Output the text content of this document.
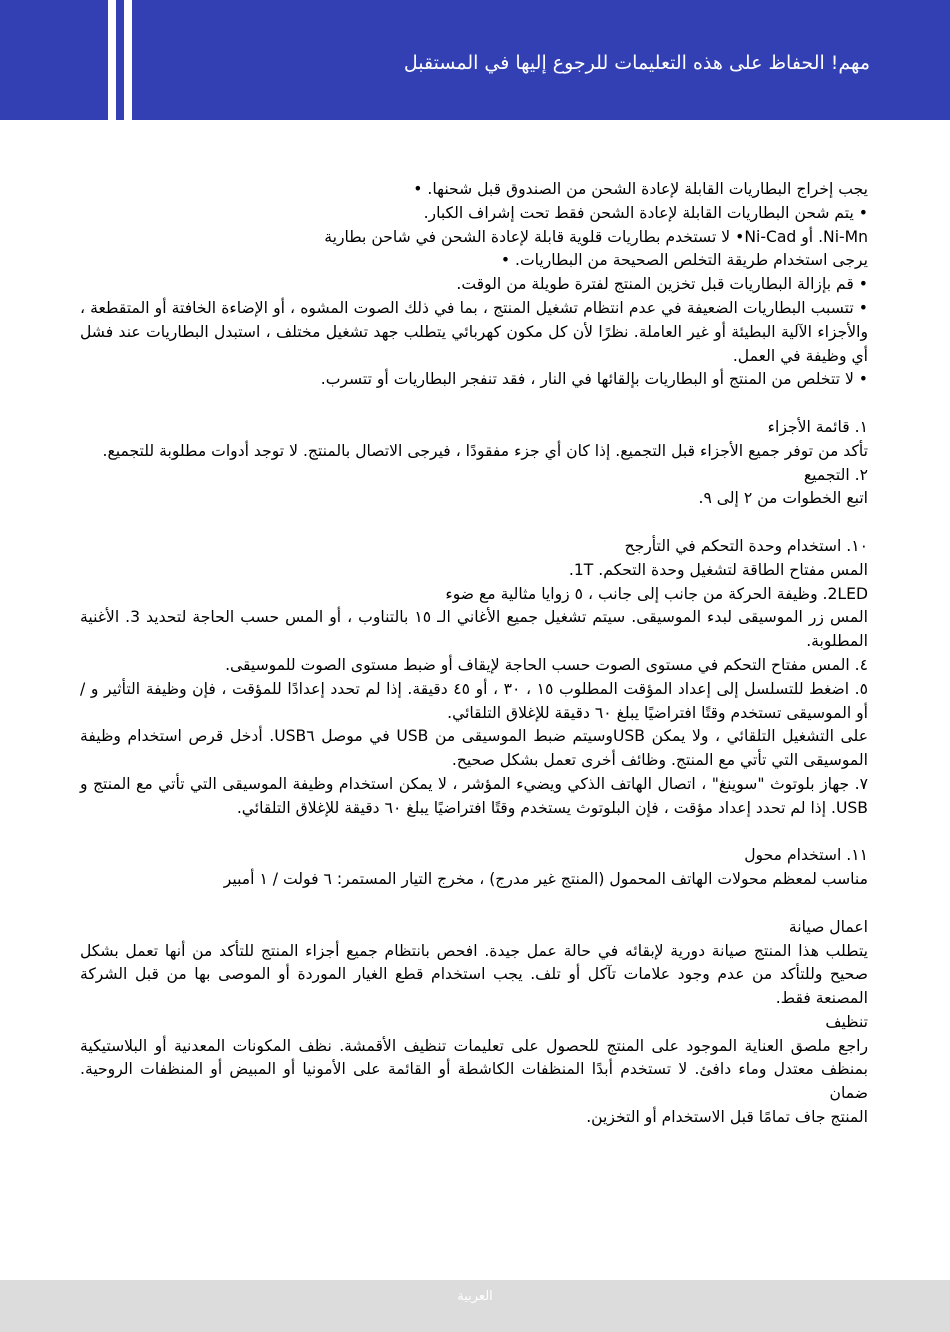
مهم! الحفاظ على هذه التعليمات للرجوع إليها في المستقبل

يجب إخراج البطاريات القابلة لإعادة الشحن من الصندوق قبل شحنها. •

• يتم شحن البطاريات القابلة لإعادة الشحن فقط تحت إشراف الكبار.

Ni-Mn. أو Ni-Cad• لا تستخدم بطاريات قلوية قابلة لإعادة الشحن في شاحن بطارية

يرجى استخدام طريقة التخلص الصحيحة من البطاريات. •

• قم بإزالة البطاريات قبل تخزين المنتج لفترة طويلة من الوقت.

• تتسبب البطاريات الضعيفة في عدم انتظام تشغيل المنتج ، بما في ذلك الصوت المشوه ، أو الإضاءة الخافتة أو المتقطعة ، والأجزاء الآلية البطيئة أو غير العاملة. نظرًا لأن كل مكون كهربائي يتطلب جهد تشغيل مختلف ، استبدل البطاريات عند فشل أي وظيفة في العمل.

• لا تتخلص من المنتج أو البطاريات بإلقائها في النار ، فقد تنفجر البطاريات أو تتسرب.

١. قائمة الأجزاء

تأكد من توفر جميع الأجزاء قبل التجميع. إذا كان أي جزء مفقودًا ، فيرجى الاتصال بالمنتج. لا توجد أدوات مطلوبة للتجميع.

٢. التجميع

اتبع الخطوات من ٢ إلى ٩.

١٠. استخدام وحدة التحكم في التأرجح

المس مفتاح الطاقة لتشغيل وحدة التحكم. 1T.

2LED. وظيفة الحركة من جانب إلى جانب ، ٥ زوايا مثالية مع ضوء

المس زر الموسيقى لبدء الموسيقى. سيتم تشغيل جميع الأغاني الـ ١٥ بالتناوب ، أو المس حسب الحاجة لتحديد 3. الأغنية المطلوبة.

٤. المس مفتاح التحكم في مستوى الصوت حسب الحاجة لإيقاف أو ضبط مستوى الصوت للموسيقى.

٥. اضغط للتسلسل إلى إعداد المؤقت المطلوب ١٥ ، ٣٠ ، أو ٤٥ دقيقة. إذا لم تحدد إعدادًا للمؤقت ، فإن وظيفة التأثير و / أو الموسيقى تستخدم وقتًا افتراضيًا يبلغ ٦٠ دقيقة للإغلاق التلقائي.

على التشغيل التلقائي ، ولا يمكن USBوسيتم ضبط الموسيقى من USB في موصل USB٦. أدخل قرص استخدام وظيفة الموسيقى التي تأتي مع المنتج. وظائف أخرى تعمل بشكل صحيح.

٧. جهاز بلوتوث "سوينغ" ، اتصال الهاتف الذكي ويضيء المؤشر ، لا يمكن استخدام وظيفة الموسيقى التي تأتي مع المنتج و USB. إذا لم تحدد إعداد مؤقت ، فإن البلوتوث يستخدم وقتًا افتراضيًا يبلغ ٦٠ دقيقة للإغلاق التلقائي.

١١. استخدام محول

مناسب لمعظم محولات الهاتف المحمول (المنتج غير مدرج) ، مخرج التيار المستمر: ٦ فولت / ١ أمبير

اعمال صيانة

يتطلب هذا المنتج صيانة دورية لإبقائه في حالة عمل جيدة. افحص بانتظام جميع أجزاء المنتج للتأكد من أنها تعمل بشكل صحيح وللتأكد من عدم وجود علامات تآكل أو تلف. يجب استخدام قطع الغيار الموردة أو الموصى بها من قبل الشركة المصنعة فقط.

تنظيف

راجع ملصق العناية الموجود على المنتج للحصول على تعليمات تنظيف الأقمشة. نظف المكونات المعدنية أو البلاستيكية بمنظف معتدل وماء دافئ. لا تستخدم أبدًا المنظفات الكاشطة أو القائمة على الأمونيا أو المبيض أو المنظفات الروحية. ضمان

المنتج جاف تمامًا قبل الاستخدام أو التخزين.

العربية
